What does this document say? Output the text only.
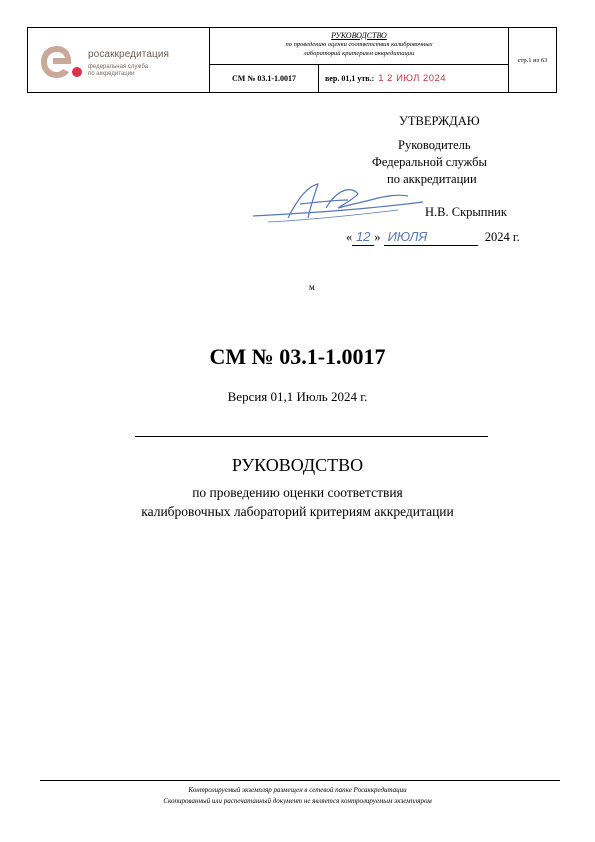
росаккредитация
федеральная служба
по аккредитации
РУКОВОДСТВО
по проведению оценки соответствия калибровочных
лабораторий критериям аккредитации
СМ № 03.1-1.0017	вер. 01,1 утв.: 1 2 ИЮЛ 2024
стр.1 из 63
УТВЕРЖДАЮ
Руководитель
Федеральной службы
по аккредитации
Н.В. Скрыпник
« 12 » ИЮЛЯ	2024 г.
м
СМ № 03.1-1.0017
Версия 01,1 Июль 2024 г.
РУКОВОДСТВО
по проведению оценки соответствия
калибровочных лабораторий критериям аккредитации
Контролируемый экземпляр размещен в сетевой папке Росаккредитации
Скопированный или распечатанный документ не является контролируемым экземпляром
